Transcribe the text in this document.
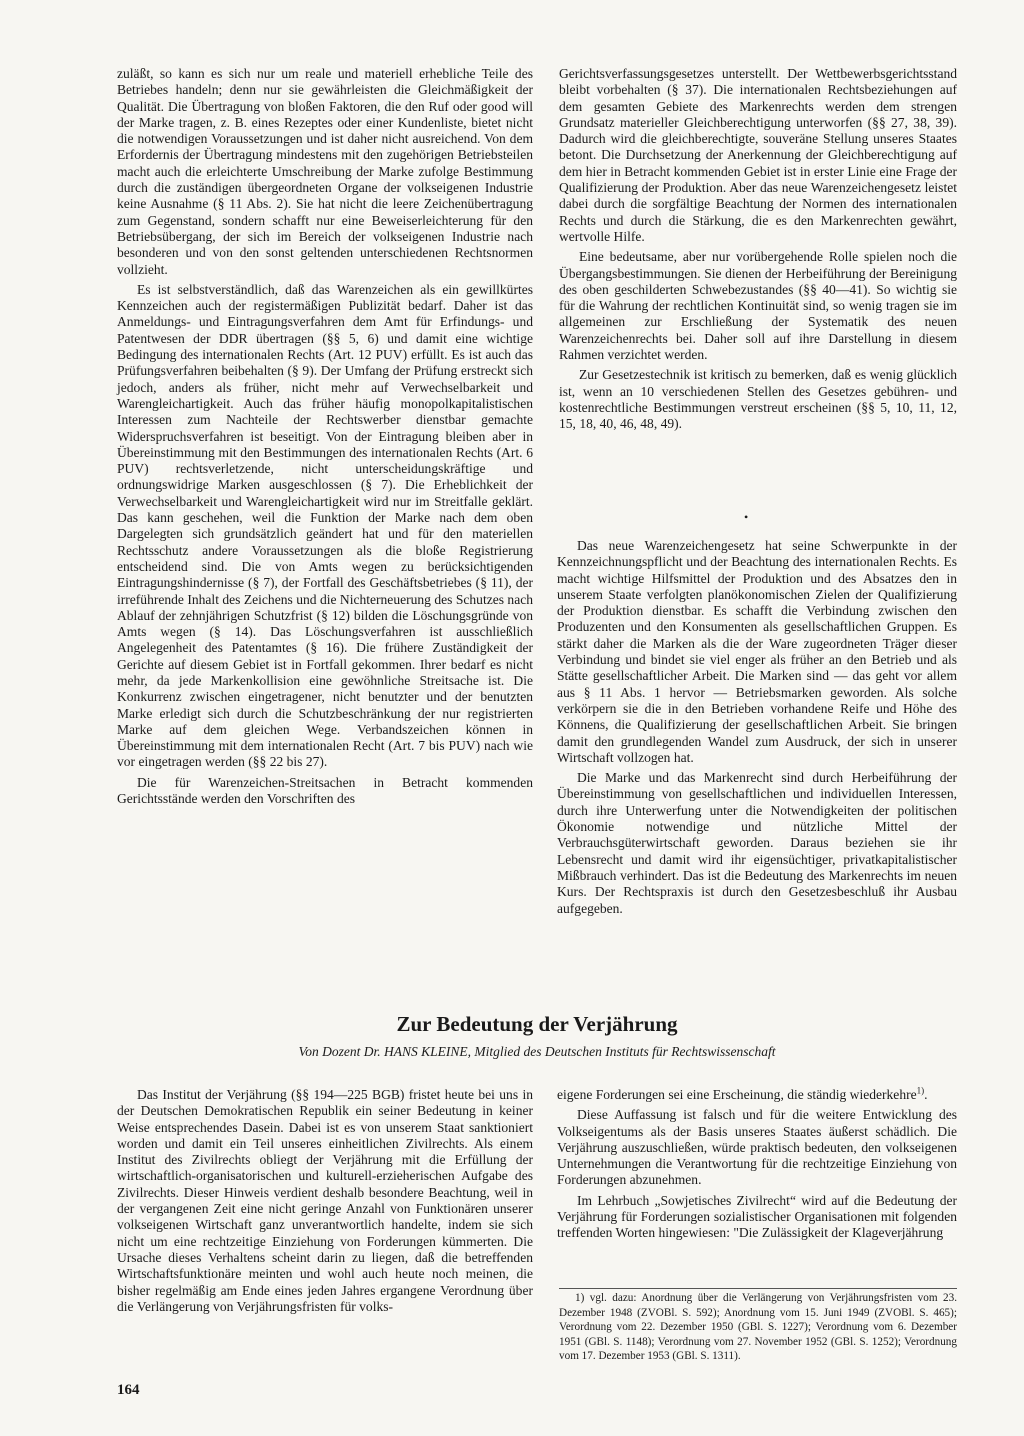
zuläßt, so kann es sich nur um reale und materiell erhebliche Teile des Betriebes handeln; denn nur sie gewährleisten die Gleichmäßigkeit der Qualität. Die Übertragung von bloßen Faktoren, die den Ruf oder good will der Marke tragen, z. B. eines Rezeptes oder einer Kundenliste, bietet nicht die notwendigen Voraussetzungen und ist daher nicht ausreichend. Von dem Erfordernis der Übertragung mindestens mit den zugehörigen Betriebsteilen macht auch die erleichterte Umschreibung der Marke zufolge Bestimmung durch die zuständigen übergeordneten Organe der volkseigenen Industrie keine Ausnahme (§ 11 Abs. 2). Sie hat nicht die leere Zeichenübertragung zum Gegenstand, sondern schafft nur eine Beweiserleichterung für den Betriebsübergang, der sich im Bereich der volkseigenen Industrie nach besonderen und von den sonst geltenden unterschiedenen Rechtsnormen vollzieht.

Es ist selbstverständlich, daß das Warenzeichen als ein gewillkürtes Kennzeichen auch der registermäßigen Publizität bedarf. Daher ist das Anmeldungs- und Eintragungsverfahren dem Amt für Erfindungs- und Patentwesen der DDR übertragen (§§ 5, 6) und damit eine wichtige Bedingung des internationalen Rechts (Art. 12 PUV) erfüllt. Es ist auch das Prüfungsverfahren beibehalten (§ 9). Der Umfang der Prüfung erstreckt sich jedoch, anders als früher, nicht mehr auf Verwechselbarkeit und Warengleichartigkeit. Auch das früher häufig monopolkapitalistischen Interessen zum Nachteile der Rechtswerber dienstbar gemachte Widerspruchsverfahren ist beseitigt. Von der Eintragung bleiben aber in Übereinstimmung mit den Bestimmungen des internationalen Rechts (Art. 6 PUV) rechtsverletzende, nicht unterscheidungskräftige und ordnungswidrige Marken ausgeschlossen (§ 7). Die Erheblichkeit der Verwechselbarkeit und Warengleichartigkeit wird nur im Streitfalle geklärt. Das kann geschehen, weil die Funktion der Marke nach dem oben Dargelegten sich grundsätzlich geändert hat und für den materiellen Rechtsschutz andere Voraussetzungen als die bloße Registrierung entscheidend sind. Die von Amts wegen zu berücksichtigenden Eintragungshindernisse (§ 7), der Fortfall des Geschäftsbetriebes (§ 11), der irreführende Inhalt des Zeichens und die Nichterneuerung des Schutzes nach Ablauf der zehnjährigen Schutzfrist (§ 12) bilden die Löschungsgründe von Amts wegen (§ 14). Das Löschungsverfahren ist ausschließlich Angelegenheit des Patentamtes (§ 16). Die frühere Zuständigkeit der Gerichte auf diesem Gebiet ist in Fortfall gekommen. Ihrer bedarf es nicht mehr, da jede Markenkollision eine gewöhnliche Streitsache ist. Die Konkurrenz zwischen eingetragener, nicht benutzter und der benutzten Marke erledigt sich durch die Schutzbeschränkung der nur registrierten Marke auf dem gleichen Wege. Verbandszeichen können in Übereinstimmung mit dem internationalen Recht (Art. 7 bis PUV) nach wie vor eingetragen werden (§§ 22 bis 27).

Die für Warenzeichen-Streitsachen in Betracht kommenden Gerichtsstände werden den Vorschriften des

Gerichtsverfassungsgesetzes unterstellt. Der Wettbewerbsgerichtsstand bleibt vorbehalten (§ 37). Die internationalen Rechtsbeziehungen auf dem gesamten Gebiete des Markenrechts werden dem strengen Grundsatz materieller Gleichberechtigung unterworfen (§§ 27, 38, 39). Dadurch wird die gleichberechtigte, souveräne Stellung unseres Staates betont. Die Durchsetzung der Anerkennung der Gleichberechtigung auf dem hier in Betracht kommenden Gebiet ist in erster Linie eine Frage der Qualifizierung der Produktion. Aber das neue Warenzeichengesetz leistet dabei durch die sorgfältige Beachtung der Normen des internationalen Rechts und durch die Stärkung, die es den Markenrechten gewährt, wertvolle Hilfe.

Eine bedeutsame, aber nur vorübergehende Rolle spielen noch die Übergangsbestimmungen. Sie dienen der Herbeiführung der Bereinigung des oben geschilderten Schwebezustandes (§§ 40—41). So wichtig sie für die Wahrung der rechtlichen Kontinuität sind, so wenig tragen sie im allgemeinen zur Erschließung der Systematik des neuen Warenzeichenrechts bei. Daher soll auf ihre Darstellung in diesem Rahmen verzichtet werden.

Zur Gesetzestechnik ist kritisch zu bemerken, daß es wenig glücklich ist, wenn an 10 verschiedenen Stellen des Gesetzes gebühren- und kostenrechtliche Bestimmungen verstreut erscheinen (§§ 5, 10, 11, 12, 15, 18, 40, 46, 48, 49).

•

Das neue Warenzeichengesetz hat seine Schwerpunkte in der Kennzeichnungspflicht und der Beachtung des internationalen Rechts. Es macht wichtige Hilfsmittel der Produktion und des Absatzes den in unserem Staate verfolgten planökonomischen Zielen der Qualifizierung der Produktion dienstbar. Es schafft die Verbindung zwischen den Produzenten und den Konsumenten als gesellschaftlichen Gruppen. Es stärkt daher die Marken als die der Ware zugeordneten Träger dieser Verbindung und bindet sie viel enger als früher an den Betrieb und als Stätte gesellschaftlicher Arbeit. Die Marken sind — das geht vor allem aus § 11 Abs. 1 hervor — Betriebsmarken geworden. Als solche verkörpern sie die in den Betrieben vorhandene Reife und Höhe des Könnens, die Qualifizierung der gesellschaftlichen Arbeit. Sie bringen damit den grundlegenden Wandel zum Ausdruck, der sich in unserer Wirtschaft vollzogen hat.

Die Marke und das Markenrecht sind durch Herbeiführung der Übereinstimmung von gesellschaftlichen und individuellen Interessen, durch ihre Unterwerfung unter die Notwendigkeiten der politischen Ökonomie notwendige und nützliche Mittel der Verbrauchsgüterwirtschaft geworden. Daraus beziehen sie ihr Lebensrecht und damit wird ihr eigensüchtiger, privatkapitalistischer Mißbrauch verhindert. Das ist die Bedeutung des Markenrechts im neuen Kurs. Der Rechtspraxis ist durch den Gesetzesbeschluß ihr Ausbau aufgegeben.

Zur Bedeutung der Verjährung
Von Dozent Dr. HANS KLEINE, Mitglied des Deutschen Instituts für Rechtswissenschaft

Das Institut der Verjährung (§§ 194—225 BGB) fristet heute bei uns in der Deutschen Demokratischen Republik ein seiner Bedeutung in keiner Weise entsprechendes Dasein. Dabei ist es von unserem Staat sanktioniert worden und damit ein Teil unseres einheitlichen Zivilrechts. Als einem Institut des Zivilrechts obliegt der Verjährung mit die Erfüllung der wirtschaftlich-organisatorischen und kulturell-erzieherischen Aufgabe des Zivilrechts. Dieser Hinweis verdient deshalb besondere Beachtung, weil in der vergangenen Zeit eine nicht geringe Anzahl von Funktionären unserer volkseigenen Wirtschaft ganz unverantwortlich handelte, indem sie sich nicht um eine rechtzeitige Einziehung von Forderungen kümmerten. Die Ursache dieses Verhaltens scheint darin zu liegen, daß die betreffenden Wirtschaftsfunktionäre meinten und wohl auch heute noch meinen, die bisher regelmäßig am Ende eines jeden Jahres ergangene Verordnung über die Verlängerung von Verjährungsfristen für volks-

eigene Forderungen sei eine Erscheinung, die ständig wiederkehre$^{1)}$.

Diese Auffassung ist falsch und für die weitere Entwicklung des Volkseigentums als der Basis unseres Staates äußerst schädlich. Die Verjährung auszuschließen, würde praktisch bedeuten, den volkseigenen Unternehmungen die Verantwortung für die rechtzeitige Einziehung von Forderungen abzunehmen.

Im Lehrbuch „Sowjetisches Zivilrecht“ wird auf die Bedeutung der Verjährung für Forderungen sozialistischer Organisationen mit folgenden treffenden Worten hingewiesen: "Die Zulässigkeit der Klageverjährung

1) vgl. dazu: Anordnung über die Verlängerung von Verjährungsfristen vom 23. Dezember 1948 (ZVOBl. S. 592); Anordnung vom 15. Juni 1949 (ZVOBl. S. 465); Verordnung vom 22. Dezember 1950 (GBl. S. 1227); Verordnung vom 6. Dezember 1951 (GBl. S. 1148); Verordnung vom 27. November 1952 (GBl. S. 1252); Verordnung vom 17. Dezember 1953 (GBl. S. 1311).

164
